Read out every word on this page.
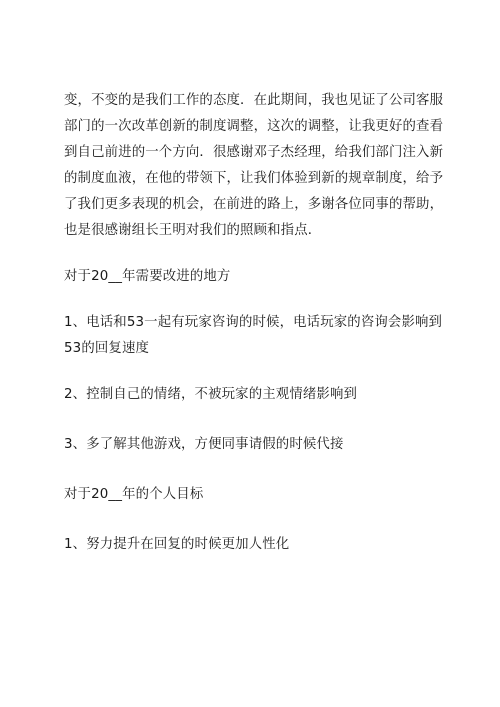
变，不变的是我们工作的态度．在此期间，我也见证了公司客服
部门的一次改革创新的制度调整，这次的调整，让我更好的查看
到自己前进的一个方向．很感谢邓子杰经理，给我们部门注入新
的制度血液，在他的带领下，让我们体验到新的规章制度，给予
了我们更多表现的机会，在前进的路上，多谢各位同事的帮助，
也是很感谢组长王明对我们的照顾和指点．

对于20__年需要改进的地方

1、电话和53一起有玩家咨询的时候，电话玩家的咨询会影响到
53的回复速度

2、控制自己的情绪，不被玩家的主观情绪影响到

3、多了解其他游戏，方便同事请假的时候代接

对于20__年的个人目标

1、努力提升在回复的时候更加人性化
